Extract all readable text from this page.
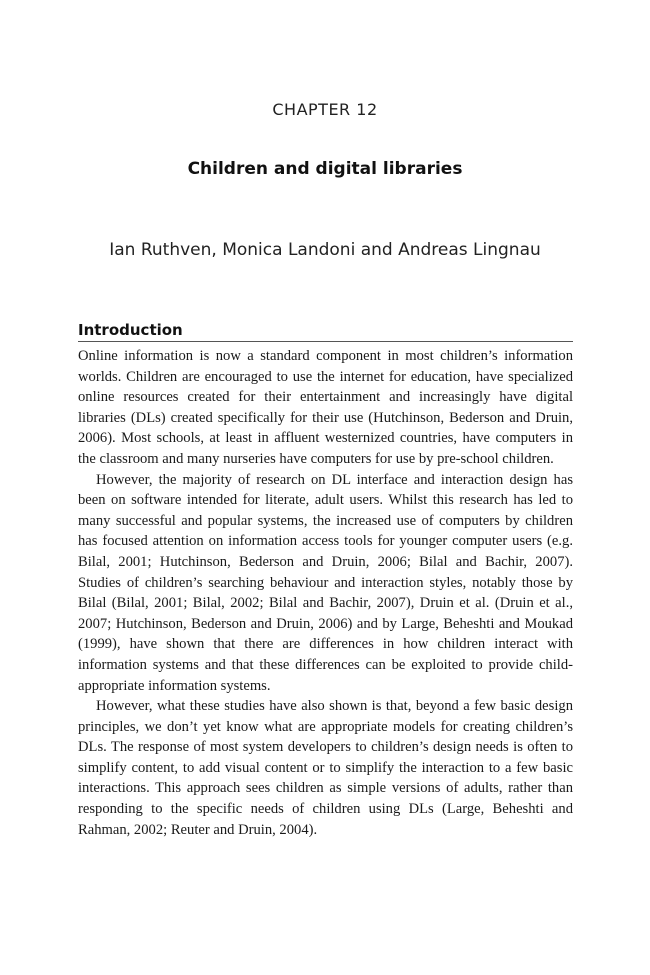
CHAPTER 12
Children and digital libraries
Ian Ruthven, Monica Landoni and Andreas Lingnau
Introduction

Online information is now a standard component in most children’s information worlds. Children are encouraged to use the internet for education, have specialized online resources created for their entertainment and increasingly have digital libraries (DLs) created specifically for their use (Hutchinson, Bederson and Druin, 2006). Most schools, at least in affluent westernized countries, have computers in the classroom and many nurseries have computers for use by pre-school children.

However, the majority of research on DL interface and interaction design has been on software intended for literate, adult users. Whilst this research has led to many successful and popular systems, the increased use of computers by children has focused attention on information access tools for younger computer users (e.g. Bilal, 2001; Hutchinson, Bederson and Druin, 2006; Bilal and Bachir, 2007). Studies of children’s searching behaviour and interaction styles, notably those by Bilal (Bilal, 2001; Bilal, 2002; Bilal and Bachir, 2007), Druin et al. (Druin et al., 2007; Hutchinson, Bederson and Druin, 2006) and by Large, Beheshti and Moukad (1999), have shown that there are differences in how children interact with information systems and that these differences can be exploited to provide child-appropriate information systems.

However, what these studies have also shown is that, beyond a few basic design principles, we don’t yet know what are appropriate models for creating children’s DLs. The response of most system developers to children’s design needs is often to simplify content, to add visual content or to simplify the interaction to a few basic interactions. This approach sees children as simple versions of adults, rather than responding to the specific needs of children using DLs (Large, Beheshti and Rahman, 2002; Reuter and Druin, 2004).
